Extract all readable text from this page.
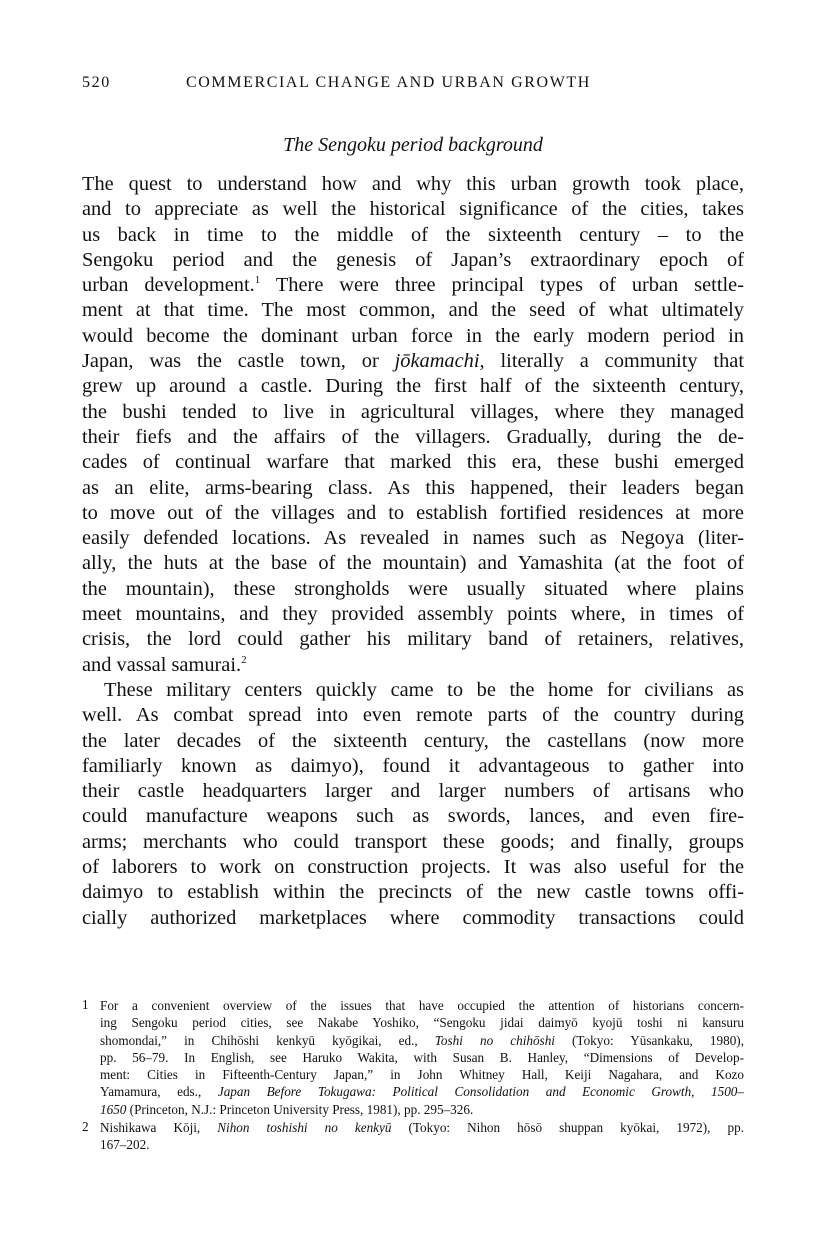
520	COMMERCIAL CHANGE AND URBAN GROWTH
The Sengoku period background
The quest to understand how and why this urban growth took place,
and to appreciate as well the historical significance of the cities, takes
us back in time to the middle of the sixteenth century – to the
Sengoku period and the genesis of Japan’s extraordinary epoch of
urban development.$^1$ There were three principal types of urban settle-
ment at that time. The most common, and the seed of what ultimately
would become the dominant urban force in the early modern period in
Japan, was the castle town, or jōkamachi, literally a community that
grew up around a castle. During the first half of the sixteenth century,
the bushi tended to live in agricultural villages, where they managed
their fiefs and the affairs of the villagers. Gradually, during the de-
cades of continual warfare that marked this era, these bushi emerged
as an elite, arms-bearing class. As this happened, their leaders began
to move out of the villages and to establish fortified residences at more
easily defended locations. As revealed in names such as Negoya (liter-
ally, the huts at the base of the mountain) and Yamashita (at the foot of
the mountain), these strongholds were usually situated where plains
meet mountains, and they provided assembly points where, in times of
crisis, the lord could gather his military band of retainers, relatives,
and vassal samurai.$^2$
These military centers quickly came to be the home for civilians as
well. As combat spread into even remote parts of the country during
the later decades of the sixteenth century, the castellans (now more
familiarly known as daimyo), found it advantageous to gather into
their castle headquarters larger and larger numbers of artisans who
could manufacture weapons such as swords, lances, and even fire-
arms; merchants who could transport these goods; and finally, groups
of laborers to work on construction projects. It was also useful for the
daimyo to establish within the precincts of the new castle towns offi-
cially authorized marketplaces where commodity transactions could
1 For a convenient overview of the issues that have occupied the attention of historians concern-
ing Sengoku period cities, see Nakabe Yoshiko, “Sengoku jidai daimyō kyojū toshi ni kansuru
shomondai,” in Chihōshi kenkyū kyōgikai, ed., Toshi no chihōshi (Tokyo: Yūsankaku, 1980),
pp. 56–79. In English, see Haruko Wakita, with Susan B. Hanley, “Dimensions of Develop-
ment: Cities in Fifteenth-Century Japan,” in John Whitney Hall, Keiji Nagahara, and Kozo
Yamamura, eds., Japan Before Tokugawa: Political Consolidation and Economic Growth, 1500–
1650 (Princeton, N.J.: Princeton University Press, 1981), pp. 295–326.
2 Nishikawa Kōji, Nihon toshishi no kenkyū (Tokyo: Nihon hōsō shuppan kyōkai, 1972), pp.
167–202.
